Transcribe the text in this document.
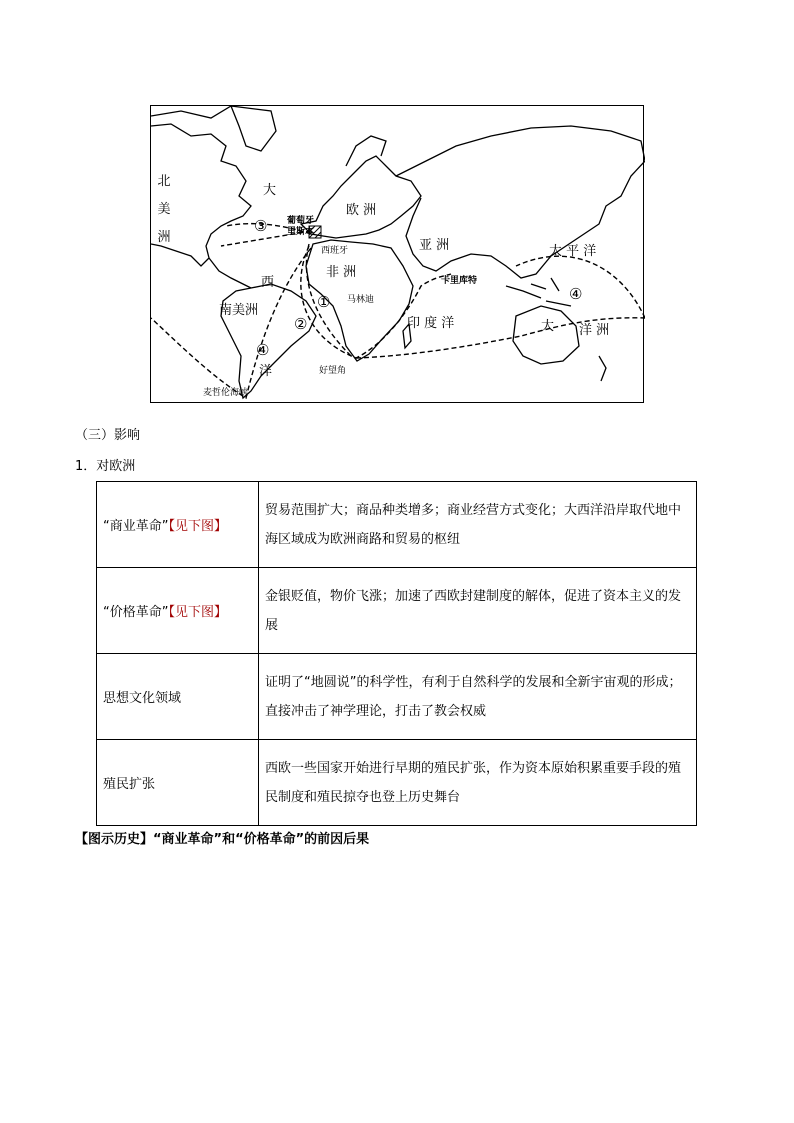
北美洲
大
西
洋
欧 洲
葡萄牙
里斯本
西班牙	亚 洲
非 洲
卡里库特
马林迪
好望角
南美洲
印 度 洋
太 平 洋
大 洋 洲
麦哲伦海峡
①
②
③
④
④
（三）影响
1．对欧洲
“商业革命”【见下图】	贸易范围扩大；商品种类增多；商业经营方式变化；大西洋沿岸取代地中海区域成为欧洲商路和贸易的枢纽
“价格革命”【见下图】	金银贬值，物价飞涨；加速了西欧封建制度的解体，促进了资本主义的发展
思想文化领域	证明了“地圆说”的科学性，有利于自然科学的发展和全新宇宙观的形成；直接冲击了神学理论，打击了教会权威
殖民扩张	西欧一些国家开始进行早期的殖民扩张，作为资本原始积累重要手段的殖民制度和殖民掠夺也登上历史舞台
【图示历史】“商业革命”和“价格革命”的前因后果
